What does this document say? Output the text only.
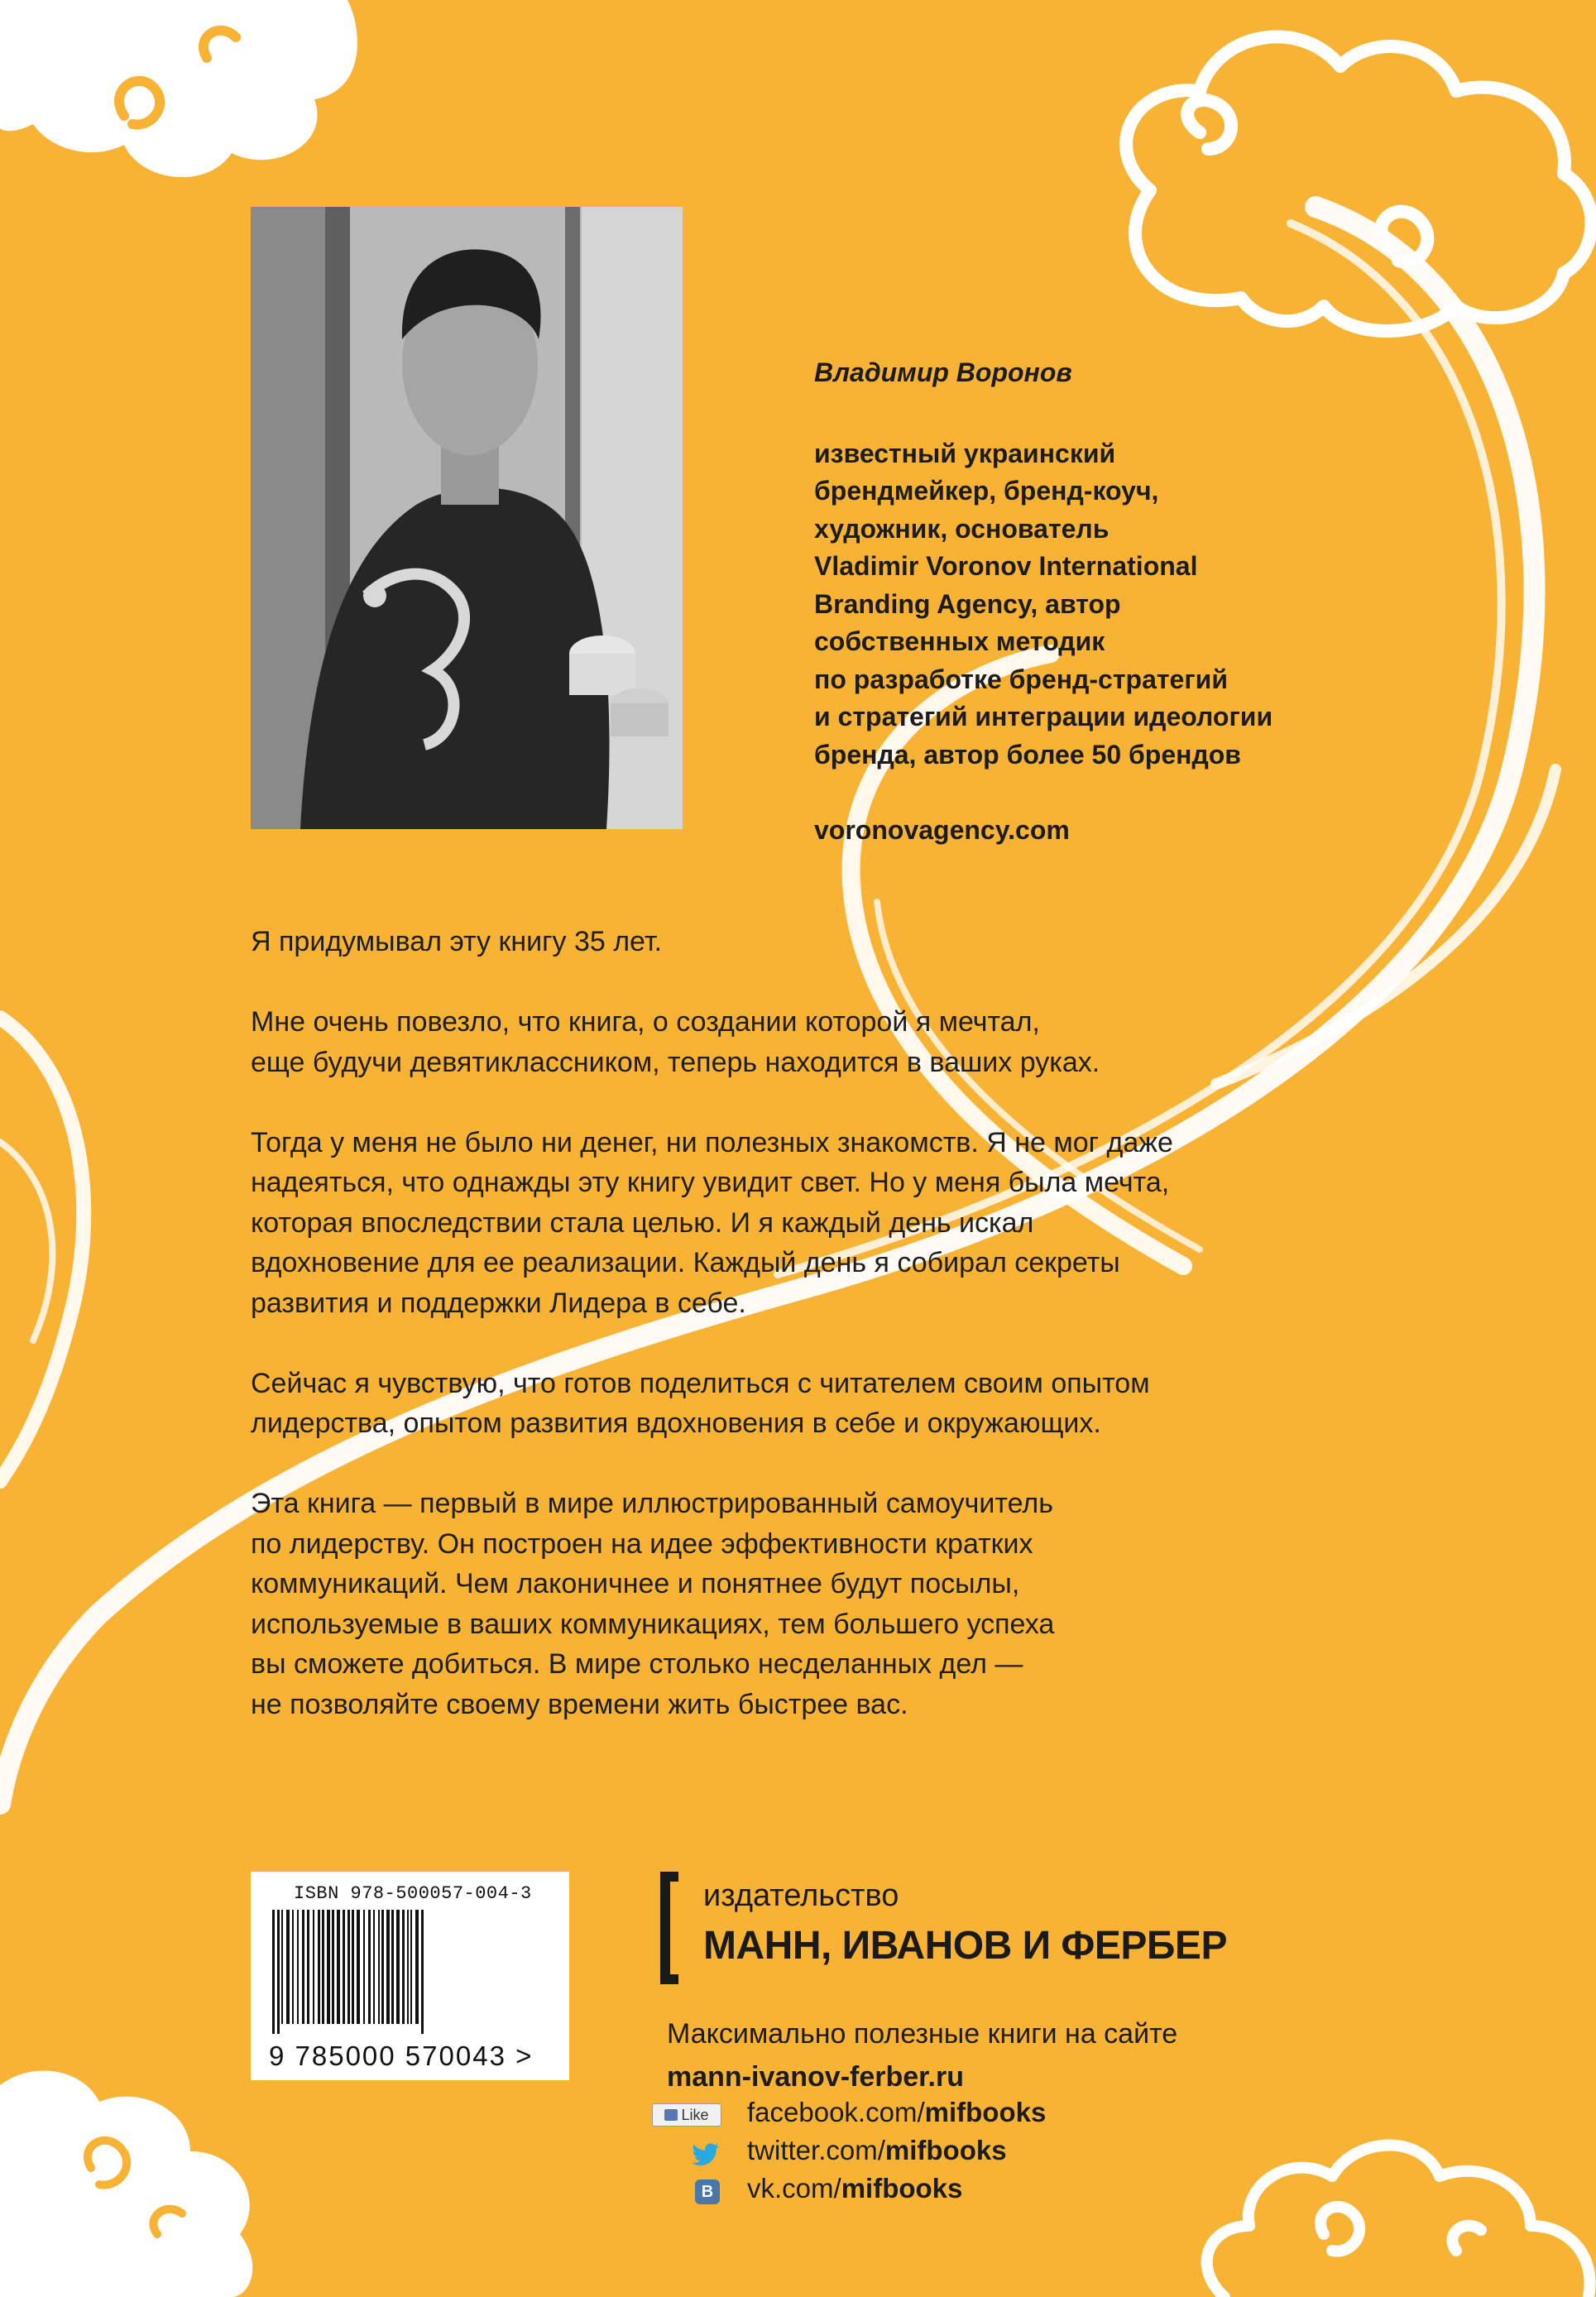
Владимир Воронов

известный украинский

брендмейкер, бренд-коуч,

художник, основатель

Vladimir Voronov International

Branding Agency, автор

собственных методик

по разработке бренд-стратегий

и стратегий интеграции идеологии

бренда, автор более 50 брендов

voronovagency.com

Я придумывал эту книгу 35 лет.

Мне очень повезло, что книга, о создании которой я мечтал,
еще будучи девятиклассником, теперь находится в ваших руках.

Тогда у меня не было ни денег, ни полезных знакомств. Я не мог даже
надеяться, что однажды эту книгу увидит свет. Но у меня была мечта,
которая впоследствии стала целью. И я каждый день искал
вдохновение для ее реализации. Каждый день я собирал секреты
развития и поддержки Лидера в себе.

Сейчас я чувствую, что готов поделиться с читателем своим опытом
лидерства, опытом развития вдохновения в себе и окружающих.

Эта книга — первый в мире иллюстрированный самоучитель
по лидерству. Он построен на идее эффективности кратких
коммуникаций. Чем лаконичнее и понятнее будут посылы,
используемые в ваших коммуникациях, тем большего успеха
вы сможете добиться. В мире столько несделанных дел —
не позволяйте своему времени жить быстрее вас.

ISBN 978-500057-004-3
9 785000 570043 >
издательство
МАНН, ИВАНОВ И ФЕРБЕР
Максимально полезные книги на сайте
mann-ivanov-ferber.ru
Like facebook.com/mifbooks
twitter.com/mifbooks
B vk.com/mifbooks
